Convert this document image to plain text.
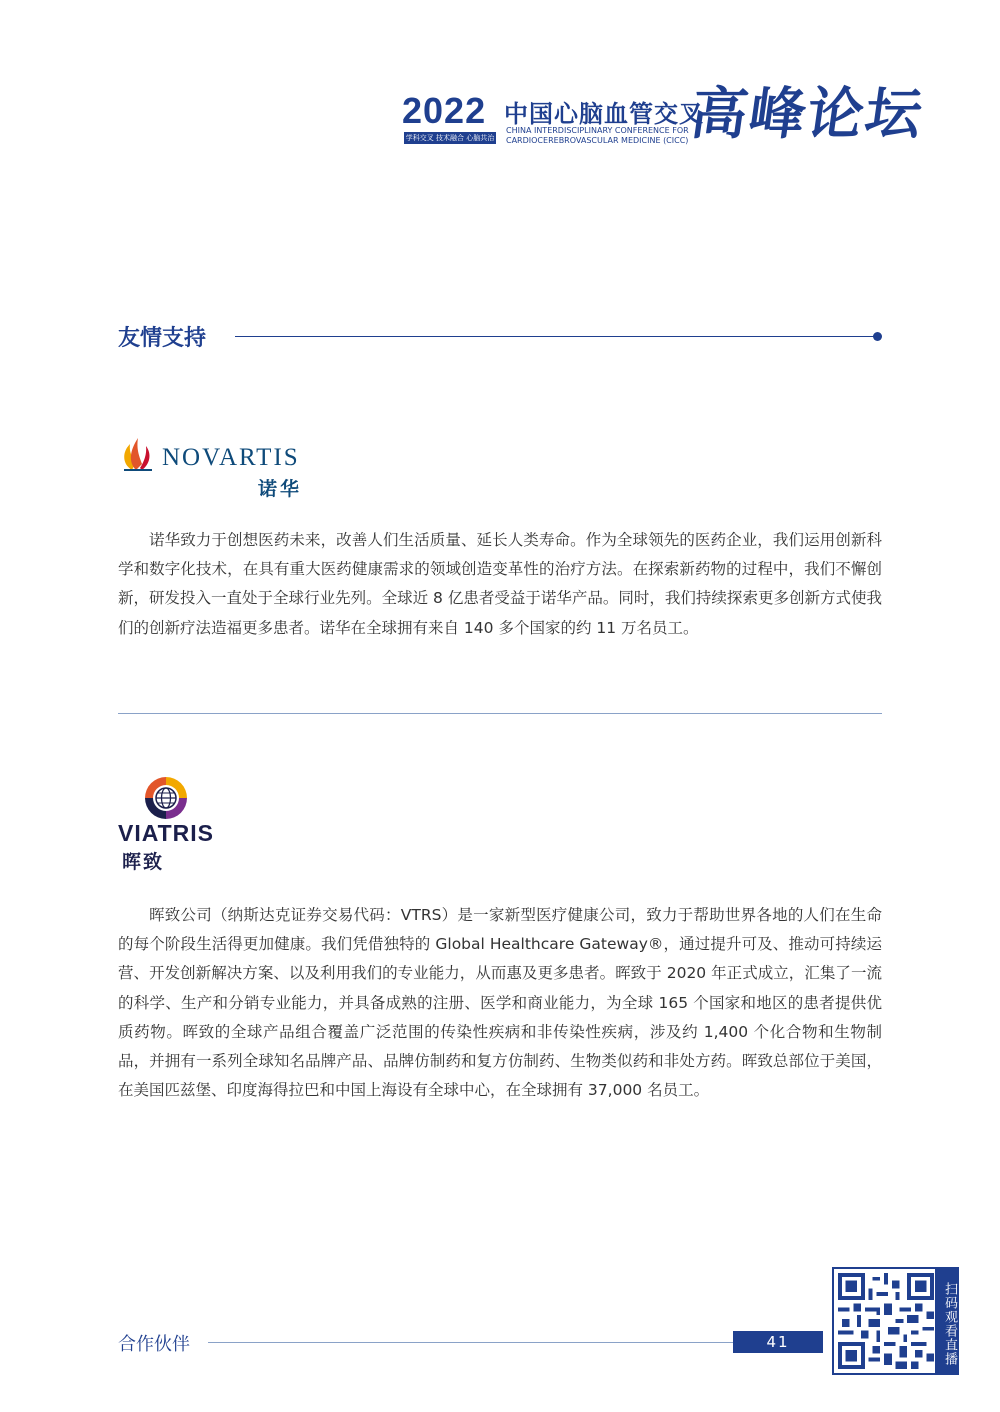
2022
学科交叉 技术融合 心脑共治
中国心脑血管交叉
CHINA INTERDISCIPLINARY CONFERENCE FOR CARDIOCEREBROVASCULAR MEDICINE (CICC)
高峰论坛
友情支持
NOVARTIS
诺华

诺华致力于创想医药未来，改善人们生活质量、延长人类寿命。作为全球领先的医药企业，我们运用创新科学和数字化技术，在具有重大医药健康需求的领域创造变革性的治疗方法。在探索新药物的过程中，我们不懈创新，研发投入一直处于全球行业先列。全球近 8 亿患者受益于诺华产品。同时，我们持续探索更多创新方式使我们的创新疗法造福更多患者。诺华在全球拥有来自 140 多个国家的约 11 万名员工。

VIATRIS
晖致

晖致公司（纳斯达克证券交易代码：VTRS）是一家新型医疗健康公司，致力于帮助世界各地的人们在生命的每个阶段生活得更加健康。我们凭借独特的 Global Healthcare Gateway®，通过提升可及、推动可持续运营、开发创新解决方案、以及利用我们的专业能力，从而惠及更多患者。晖致于 2020 年正式成立，汇集了一流的科学、生产和分销专业能力，并具备成熟的注册、医学和商业能力，为全球 165 个国家和地区的患者提供优质药物。晖致的全球产品组合覆盖广泛范围的传染性疾病和非传染性疾病，涉及约 1,400 个化合物和生物制品，并拥有一系列全球知名品牌产品、品牌仿制药和复方仿制药、生物类似药和非处方药。晖致总部位于美国，在美国匹兹堡、印度海得拉巴和中国上海设有全球中心，在全球拥有 37,000 名员工。

合作伙伴	41	扫码观看直播
